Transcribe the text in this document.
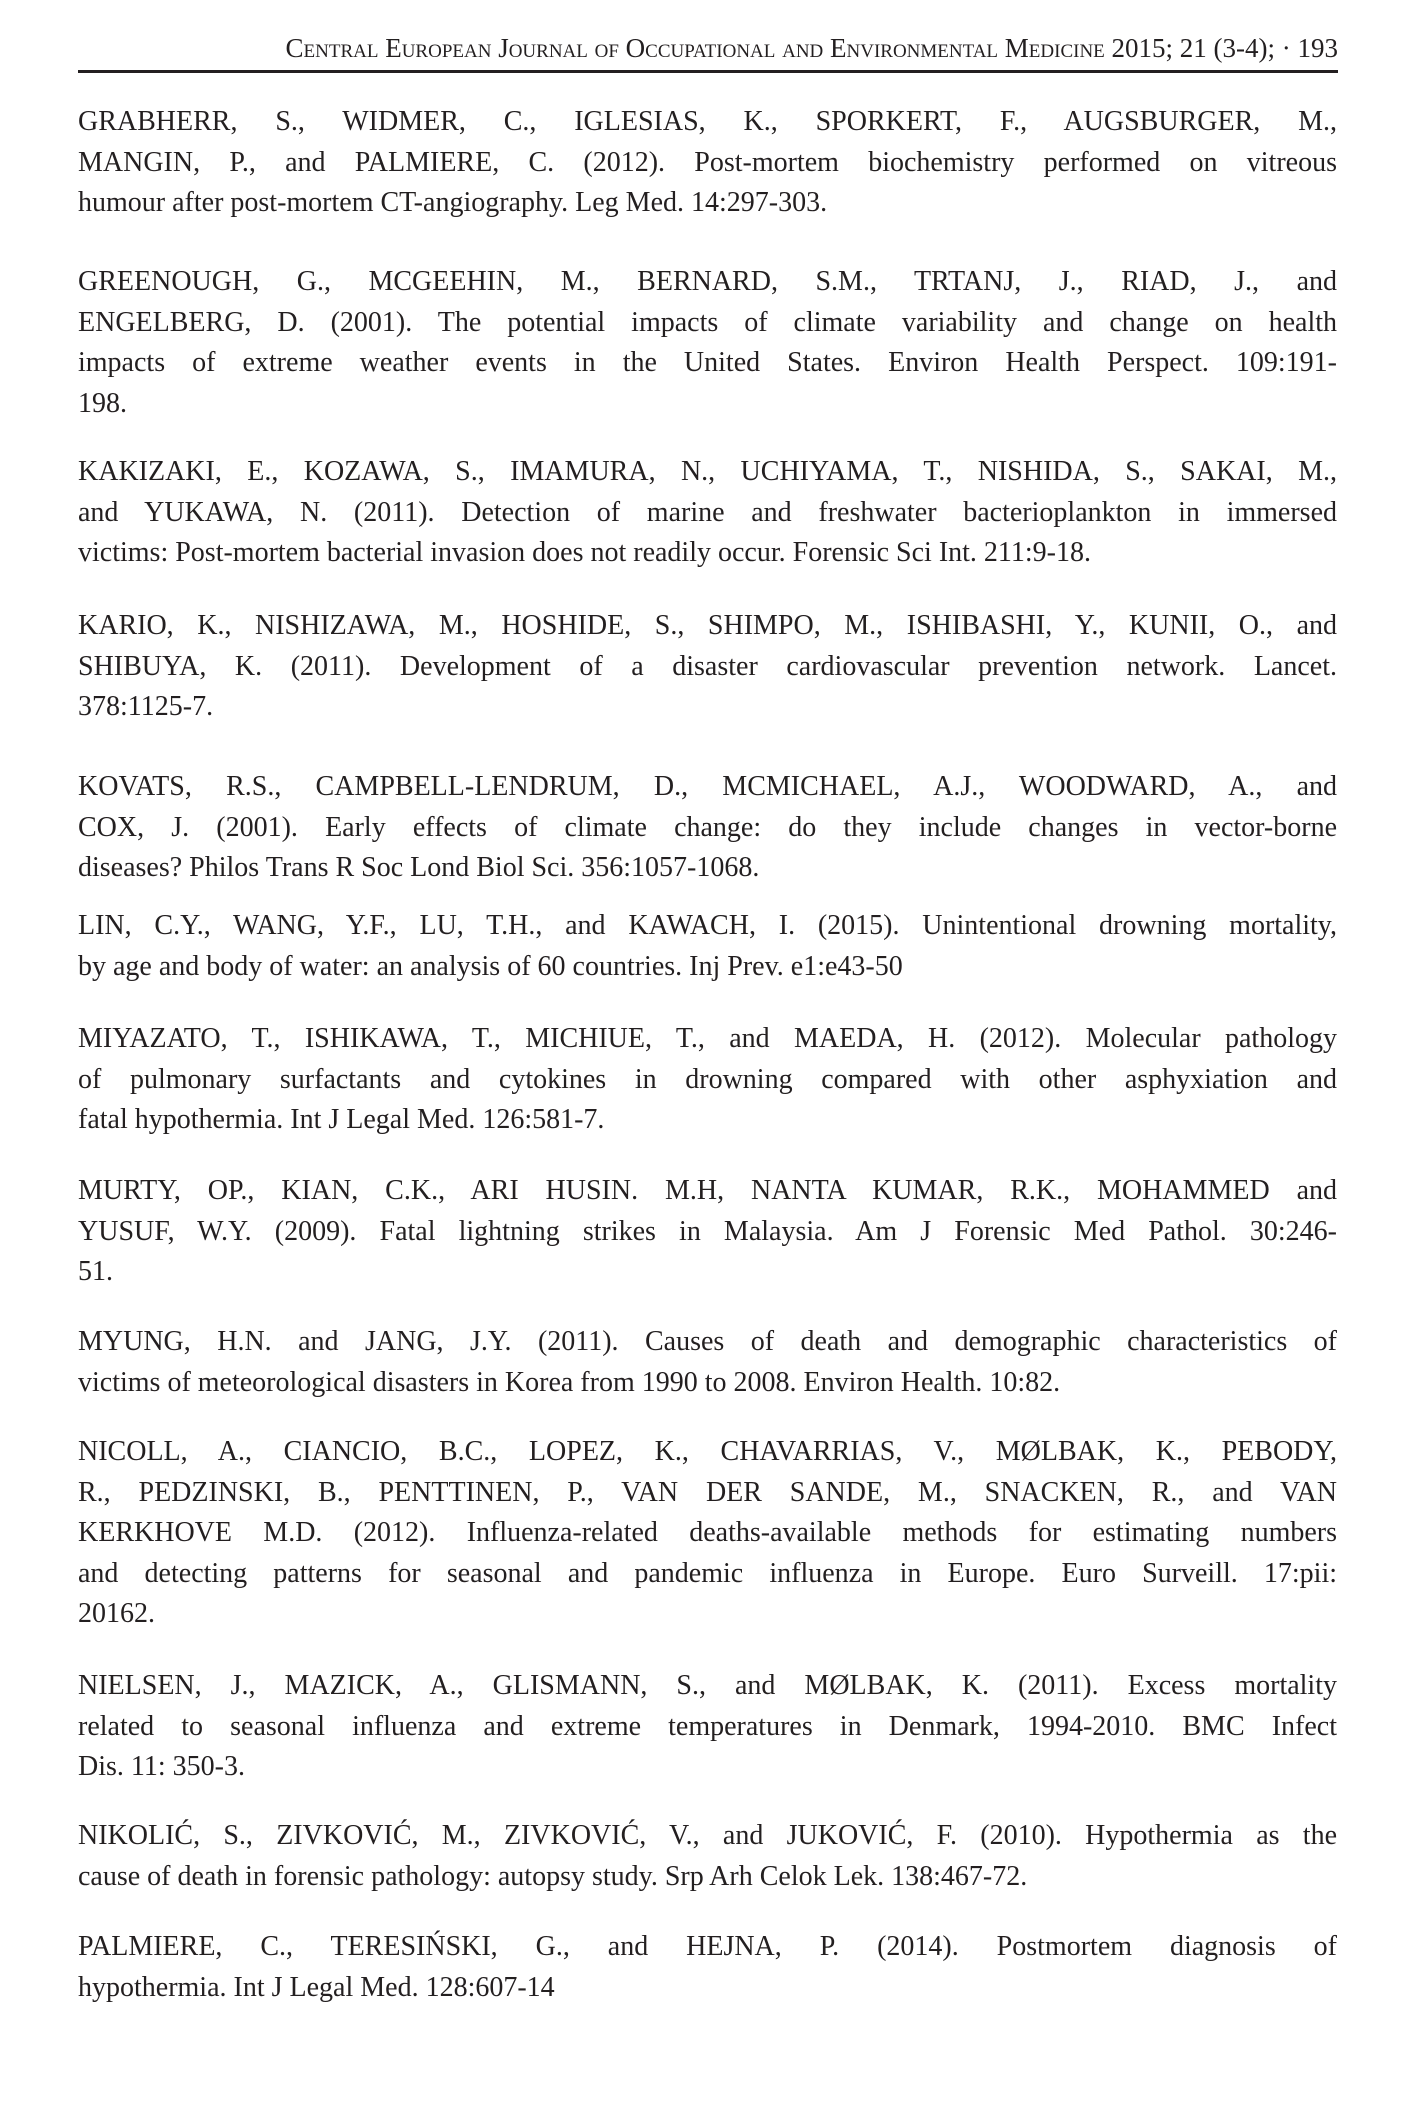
Central European Journal of Occupational and Environmental Medicine 2015; 21 (3-4); · 193
GRABHERR, S., WIDMER, C., IGLESIAS, K., SPORKERT, F., AUGSBURGER, M.,
MANGIN, P., and PALMIERE, C. (2012). Post-mortem biochemistry performed on vitreous
humour after post-mortem CT-angiography. Leg Med. 14:297-303.
GREENOUGH, G., MCGEEHIN, M., BERNARD, S.M., TRTANJ, J., RIAD, J., and
ENGELBERG, D. (2001). The potential impacts of climate variability and change on health
impacts of extreme weather events in the United States. Environ Health Perspect. 109:191-
198.
KAKIZAKI, E., KOZAWA, S., IMAMURA, N., UCHIYAMA, T., NISHIDA, S., SAKAI, M.,
and YUKAWA, N. (2011). Detection of marine and freshwater bacterioplankton in immersed
victims: Post-mortem bacterial invasion does not readily occur. Forensic Sci Int. 211:9-18.
KARIO, K., NISHIZAWA, M., HOSHIDE, S., SHIMPO, M., ISHIBASHI, Y., KUNII, O., and
SHIBUYA, K. (2011). Development of a disaster cardiovascular prevention network. Lancet.
378:1125-7.
KOVATS, R.S., CAMPBELL-LENDRUM, D., MCMICHAEL, A.J., WOODWARD, A., and
COX, J. (2001). Early effects of climate change: do they include changes in vector-borne
diseases? Philos Trans R Soc Lond Biol Sci. 356:1057-1068.
LIN, C.Y., WANG, Y.F., LU, T.H., and KAWACH, I. (2015). Unintentional drowning mortality,
by age and body of water: an analysis of 60 countries. Inj Prev. e1:e43-50
MIYAZATO, T., ISHIKAWA, T., MICHIUE, T., and MAEDA, H. (2012). Molecular pathology
of pulmonary surfactants and cytokines in drowning compared with other asphyxiation and
fatal hypothermia. Int J Legal Med. 126:581-7.
MURTY, OP., KIAN, C.K., ARI HUSIN. M.H, NANTA KUMAR, R.K., MOHAMMED and
YUSUF, W.Y. (2009). Fatal lightning strikes in Malaysia. Am J Forensic Med Pathol. 30:246-
51.
MYUNG, H.N. and JANG, J.Y. (2011). Causes of death and demographic characteristics of
victims of meteorological disasters in Korea from 1990 to 2008. Environ Health. 10:82.
NICOLL, A., CIANCIO, B.C., LOPEZ, K., CHAVARRIAS, V., MØLBAK, K., PEBODY,
R., PEDZINSKI, B., PENTTINEN, P., VAN DER SANDE, M., SNACKEN, R., and VAN
KERKHOVE M.D. (2012). Influenza-related deaths-available methods for estimating numbers
and detecting patterns for seasonal and pandemic influenza in Europe. Euro Surveill. 17:pii:
20162.
NIELSEN, J., MAZICK, A., GLISMANN, S., and MØLBAK, K. (2011). Excess mortality
related to seasonal influenza and extreme temperatures in Denmark, 1994-2010. BMC Infect
Dis. 11: 350-3.
NIKOLIĆ, S., ZIVKOVIĆ, M., ZIVKOVIĆ, V., and JUKOVIĆ, F. (2010). Hypothermia as the
cause of death in forensic pathology: autopsy study. Srp Arh Celok Lek. 138:467-72.
PALMIERE, C., TERESIŃSKI, G., and HEJNA, P. (2014). Postmortem diagnosis of
hypothermia. Int J Legal Med. 128:607-14
